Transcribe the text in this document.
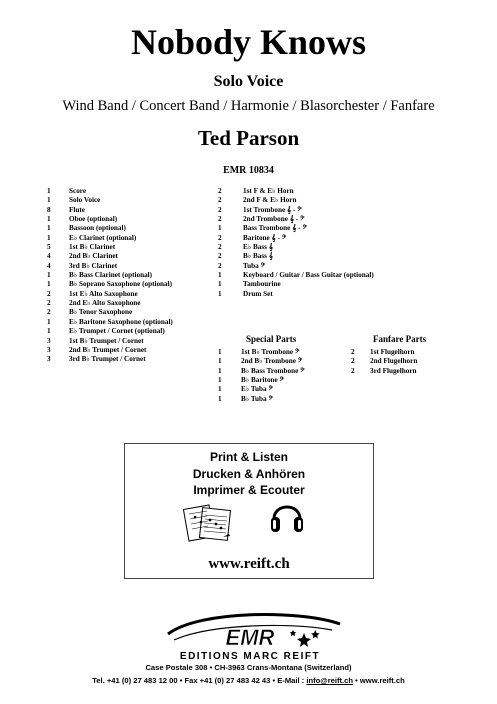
Nobody Knows
Solo Voice
Wind Band / Concert Band / Harmonie / Blasorchester / Fanfare
Ted Parson
EMR 10834
1	Score
1	Solo Voice
8	Flute
1	Oboe (optional)
1	Bassoon (optional)
1	E♭ Clarinet (optional)
5	1st B♭ Clarinet
4	2nd B♭ Clarinet
4	3rd B♭ Clarinet
1	B♭ Bass Clarinet (optional)
1	B♭ Soprano Saxophone (optional)
2	1st E♭ Alto Saxophone
2	2nd E♭ Alto Saxophone
2	B♭ Tenor Saxophone
1	E♭ Baritone Saxophone (optional)
1	E♭ Trumpet / Cornet (optional)
3	1st B♭ Trumpet / Cornet
3	2nd B♭ Trumpet / Cornet
3	3rd B♭ Trumpet / Cornet
2	1st F & E♭ Horn
2	2nd F & E♭ Horn
2	1st Trombone 𝄞 - 𝄢
2	2nd Trombone 𝄞 - 𝄢
1	Bass Trombone 𝄞 - 𝄢
2	Baritone 𝄞 - 𝄢
2	E♭ Bass 𝄞
2	B♭ Bass 𝄞
2	Tuba 𝄢
1	Keyboard / Guitar / Bass Guitar (optional)
1	Tambourine
1	Drum Set
Special Parts	Fanfare Parts
1	1st B♭ Trombone 𝄢
1	2nd B♭ Trombone 𝄢
1	B♭ Bass Trombone 𝄢
1	B♭ Baritone 𝄢
1	E♭ Tuba 𝄢
1	B♭ Tuba 𝄢
2 1st Flugelhorn
2 2nd Flugelhorn
2 3rd Flugelhorn
Print & Listen
Drucken & Anhören
Imprimer & Ecouter
www.reift.ch
EMR
EDITIONS MARC REIFT
Case Postale 308 • CH-3963 Crans-Montana (Switzerland)
Tel. +41 (0) 27 483 12 00 • Fax +41 (0) 27 483 42 43 • E-Mail : info@reift.ch • www.reift.ch
